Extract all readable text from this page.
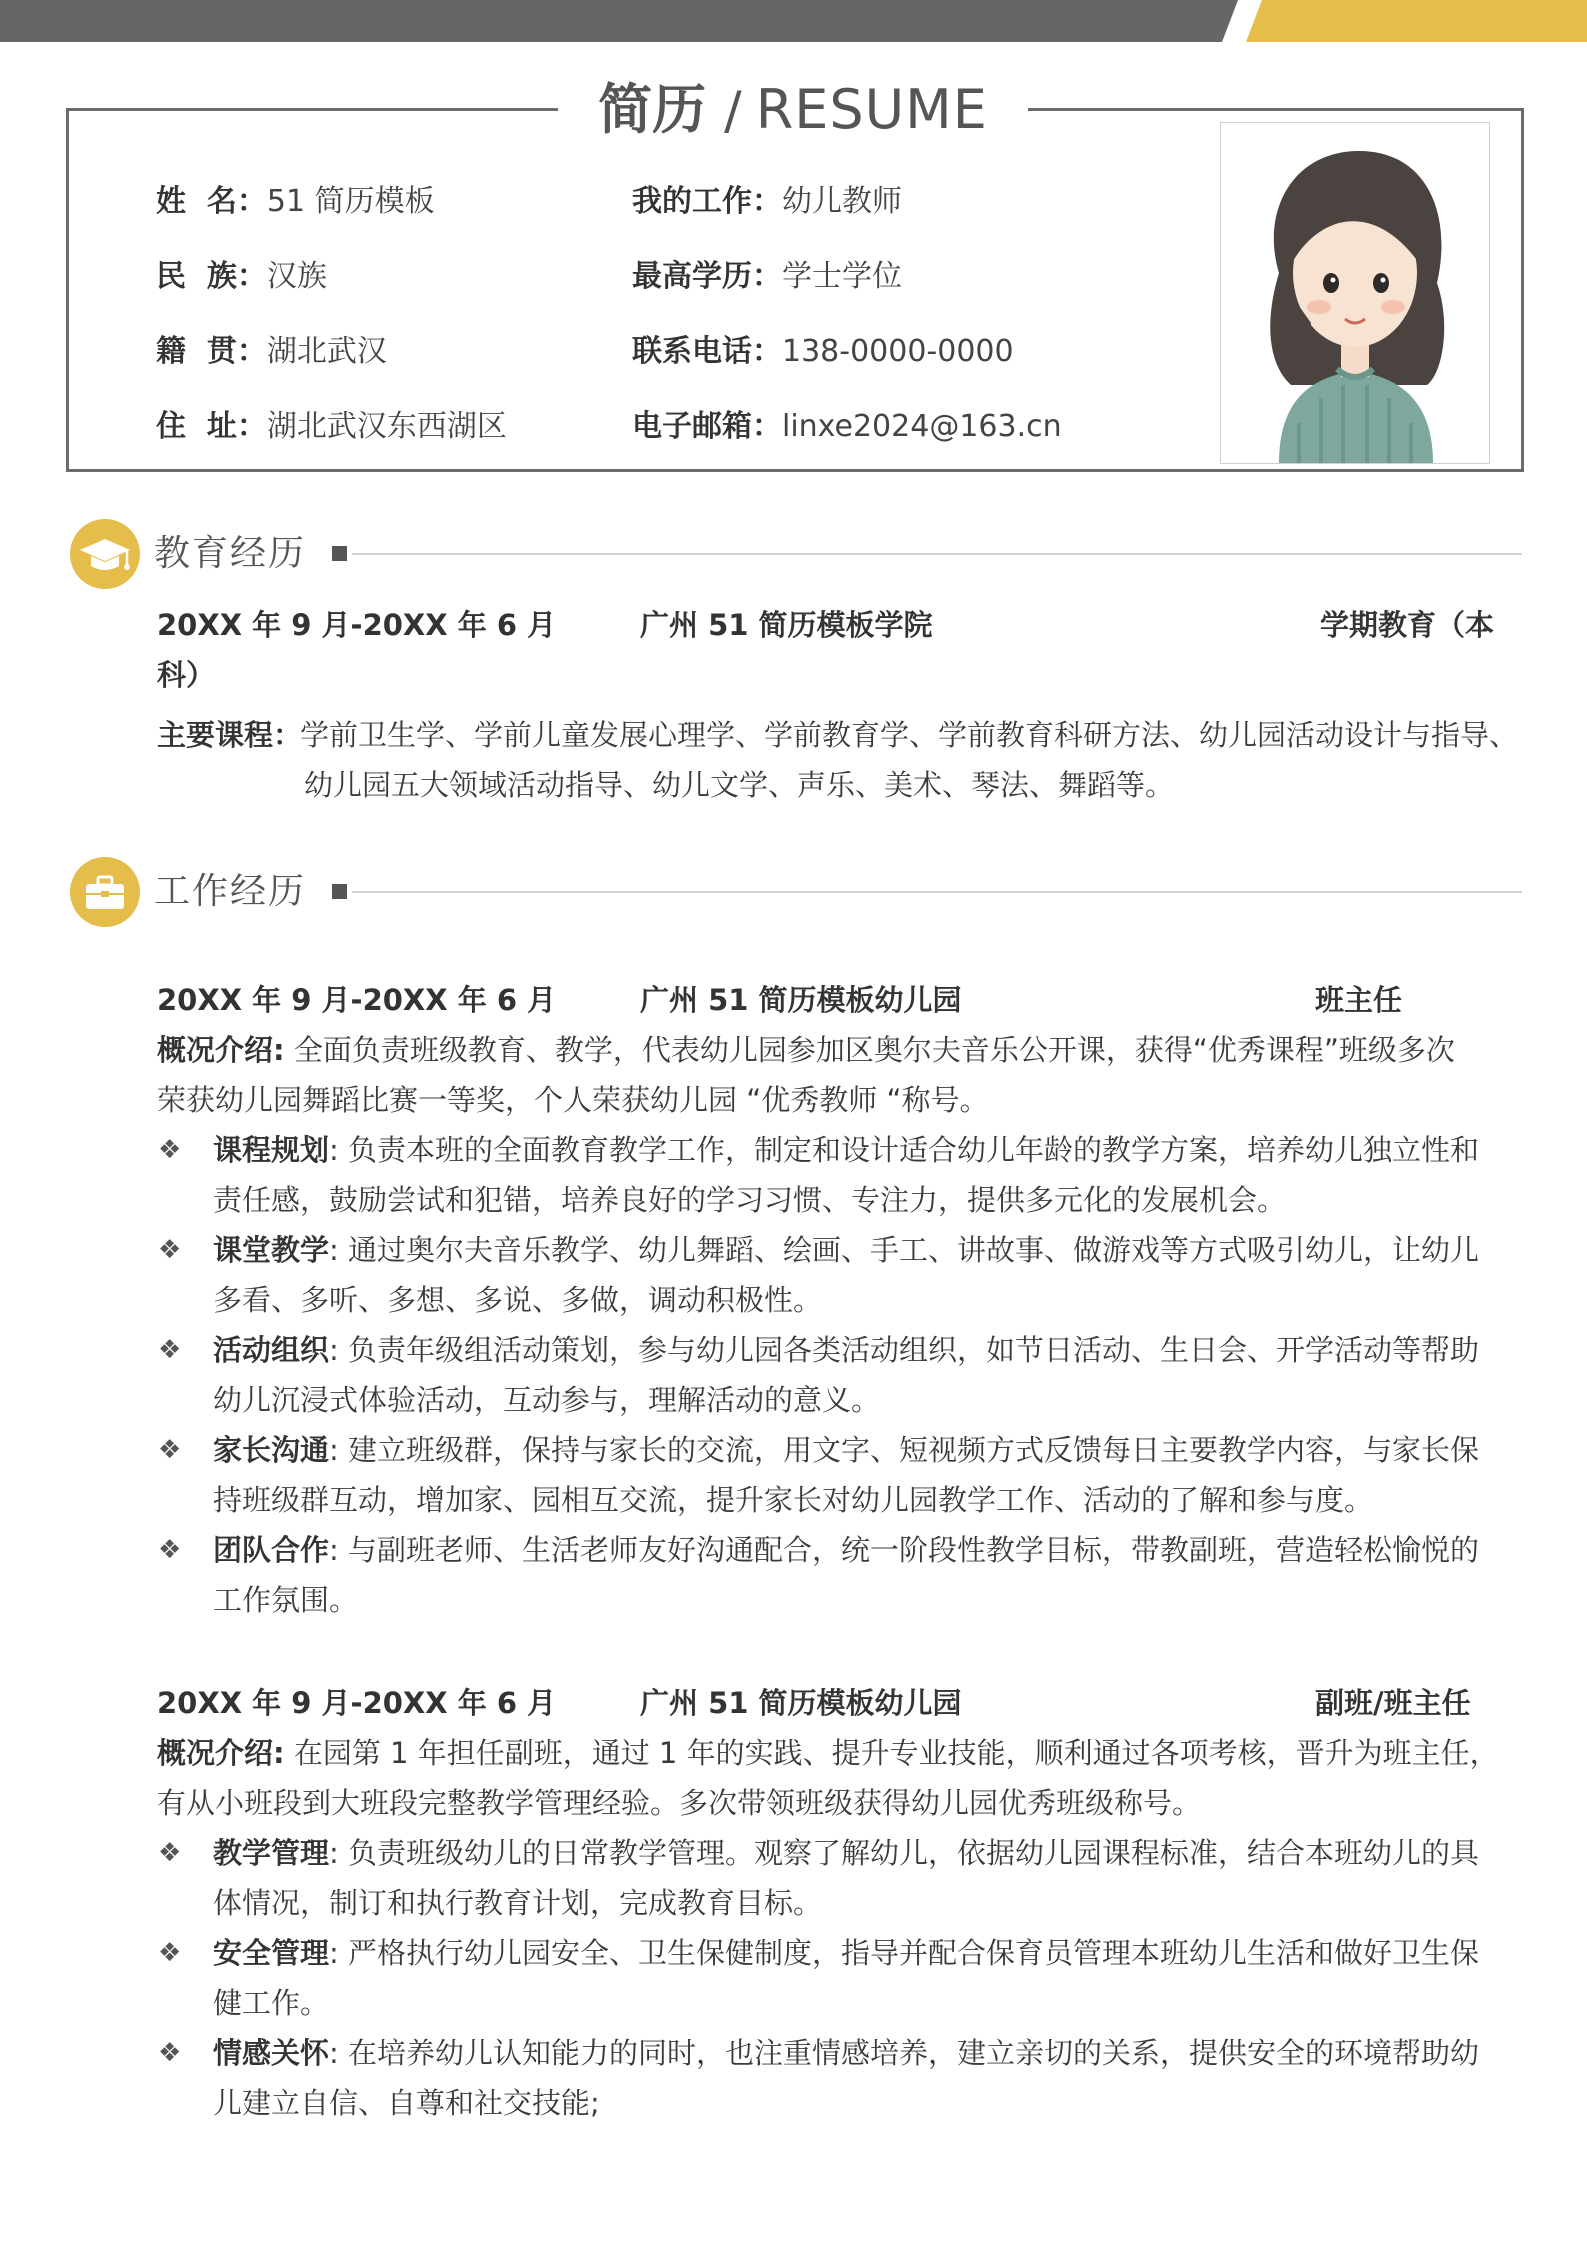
简历 / RESUME
姓  名：51 简历模板
民  族：汉族
籍  贯：湖北武汉
住  址：湖北武汉东西湖区
我的工作：幼儿教师
最高学历：学士学位
联系电话：138-0000-0000
电子邮箱：linxe2024@163.cn
教育经历
20XX 年 9 月-20XX 年 6 月	广州 51 简历模板学院	学期教育（本
科）
主要课程：
学前卫生学、学前儿童发展心理学、学前教育学、学前教育科研方法、幼儿园活动设计与指导、
幼儿园五大领域活动指导、幼儿文学、声乐、美术、琴法、舞蹈等。
工作经历
20XX 年 9 月-20XX 年 6 月	广州 51 简历模板幼儿园	班主任
概况介绍: 全面负责班级教育、教学，代表幼儿园参加区奥尔夫音乐公开课，获得“优秀课程”班级多次
荣获幼儿园舞蹈比赛一等奖，个人荣获幼儿园 “优秀教师 “称号。
❖ 课程规划: 负责本班的全面教育教学工作，制定和设计适合幼儿年龄的教学方案，培养幼儿独立性和
责任感，鼓励尝试和犯错，培养良好的学习习惯、专注力，提供多元化的发展机会。
❖ 课堂教学: 通过奥尔夫音乐教学、幼儿舞蹈、绘画、手工、讲故事、做游戏等方式吸引幼儿，让幼儿
多看、多听、多想、多说、多做，调动积极性。
❖ 活动组织: 负责年级组活动策划，参与幼儿园各类活动组织，如节日活动、生日会、开学活动等帮助
幼儿沉浸式体验活动，互动参与，理解活动的意义。
❖ 家长沟通: 建立班级群，保持与家长的交流，用文字、短视频方式反馈每日主要教学内容，与家长保
持班级群互动，增加家、园相互交流，提升家长对幼儿园教学工作、活动的了解和参与度。
❖ 团队合作: 与副班老师、生活老师友好沟通配合，统一阶段性教学目标，带教副班，营造轻松愉悦的
工作氛围。
20XX 年 9 月-20XX 年 6 月	广州 51 简历模板幼儿园	副班/班主任
概况介绍: 在园第 1 年担任副班，通过 1 年的实践、提升专业技能，顺利通过各项考核，晋升为班主任，
有从小班段到大班段完整教学管理经验。多次带领班级获得幼儿园优秀班级称号。
❖ 教学管理: 负责班级幼儿的日常教学管理。观察了解幼儿，依据幼儿园课程标准，结合本班幼儿的具
体情况，制订和执行教育计划，完成教育目标。
❖ 安全管理: 严格执行幼儿园安全、卫生保健制度，指导并配合保育员管理本班幼儿生活和做好卫生保
健工作。
❖ 情感关怀: 在培养幼儿认知能力的同时，也注重情感培养，建立亲切的关系，提供安全的环境帮助幼
儿建立自信、自尊和社交技能;
